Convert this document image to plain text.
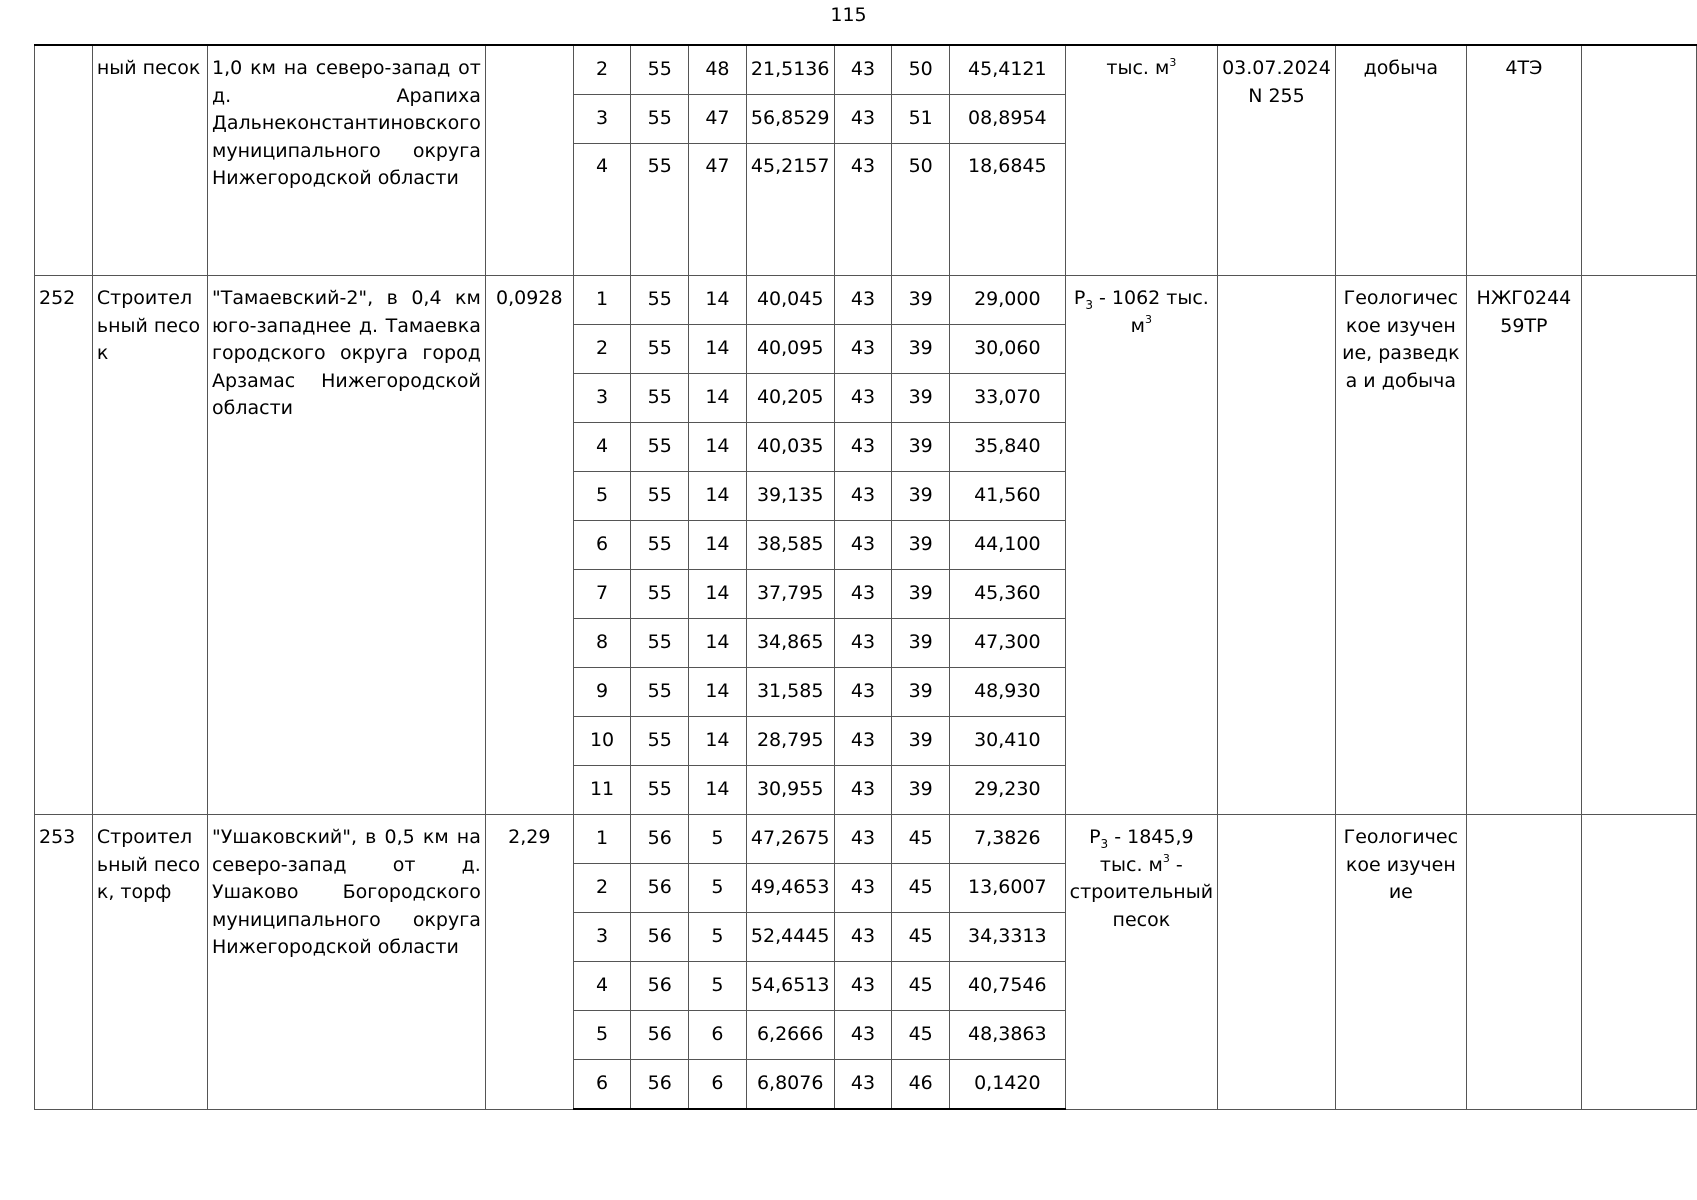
115
	ный песок	1,0 км на северо-запад от д. Арапиха Дальнеконстантиновского муниципального округа Нижегородской области		2	55	48	21,5136	43	50	45,4121	тыс. $м^3$	03.07.2024 N 255	добыча	4ТЭ	
				3	55	47	56,8529	43	51	08,8954					
				4	55	47	45,2157	43	50	18,6845					
252	Строительный песок	"Тамаевский-2", в 0,4 км юго-западнее д. Тамаевка городского округа город Арзамас Нижегородской области	0,0928	1	55	14	40,045	43	39	29,000	$P_3 - 1062$ тыс. $м^3$		Геологическое изучение, разведка и добыча	НЖГ024459ТР	
				2	55	14	40,095	43	39	30,060					
				3	55	14	40,205	43	39	33,070					
				4	55	14	40,035	43	39	35,840					
				5	55	14	39,135	43	39	41,560					
				6	55	14	38,585	43	39	44,100					
				7	55	14	37,795	43	39	45,360					
				8	55	14	34,865	43	39	47,300					
				9	55	14	31,585	43	39	48,930					
				10	55	14	28,795	43	39	30,410					
				11	55	14	30,955	43	39	29,230					
253	Строительный песок, торф	"Ушаковский", в 0,5 км на северо-запад от д. Ушаково Богородского муниципального округа Нижегородской области	2,29	1	56	5	47,2675	43	45	7,3826	$P_3 - 1845,9$ тыс. $м^3$ - строительный песок		Геологическое изучение		
				2	56	5	49,4653	43	45	13,6007					
				3	56	5	52,4445	43	45	34,3313					
				4	56	5	54,6513	43	45	40,7546					
				5	56	6	6,2666	43	45	48,3863					
				6	56	6	6,8076	43	46	0,1420					
